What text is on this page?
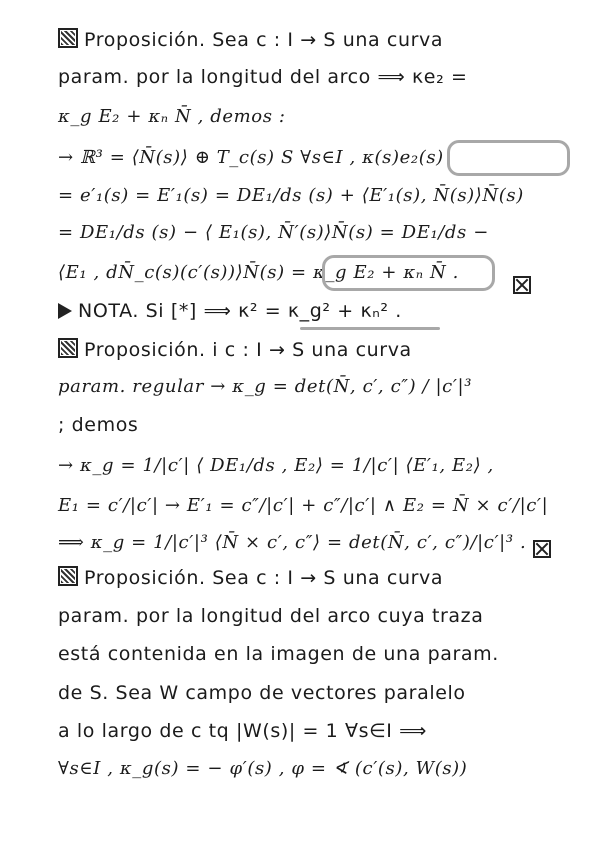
Proposición. Sea c : I → S una curva
param. por la longitud del arco ⟹ κe₂ =
κ_g E₂ + κₙ N̄ , demos :
→ ℝ³ = ⟨N̄(s)⟩ ⊕ T_c(s) S ∀s∈I , κ(s)e₂(s)
= e′₁(s) = E′₁(s) = DE₁/ds (s) + ⟨E′₁(s), N̄(s)⟩N̄(s)
= DE₁/ds (s) − ⟨ E₁(s), N̄′(s)⟩N̄(s) = DE₁/ds −
⟨E₁ , dN̄_c(s)(c′(s))⟩N̄(s) = κ_g E₂ + κₙ N̄ .
NOTA. Si [*] ⟹ κ² = κ_g² + κₙ² .
Proposición. i c : I → S una curva
param. regular → κ_g = det(N̄, c′, c″) / |c′|³
; demos
→ κ_g = 1/|c′| ⟨ DE₁/ds , E₂⟩ = 1/|c′| ⟨E′₁, E₂⟩ ,
E₁ = c′/|c′| → E′₁ = c″/|c′| + c″/|c′| ∧ E₂ = N̄ × c′/|c′|
⟹ κ_g = 1/|c′|³ ⟨N̄ × c′, c″⟩ = det(N̄, c′, c″)/|c′|³ .
Proposición. Sea c : I → S una curva
param. por la longitud del arco cuya traza
está contenida en la imagen de una param.
de S. Sea W campo de vectores paralelo
a lo largo de c tq |W(s)| = 1 ∀s∈I ⟹
∀s∈I , κ_g(s) = − φ′(s) , φ = ∢ (c′(s), W(s))
